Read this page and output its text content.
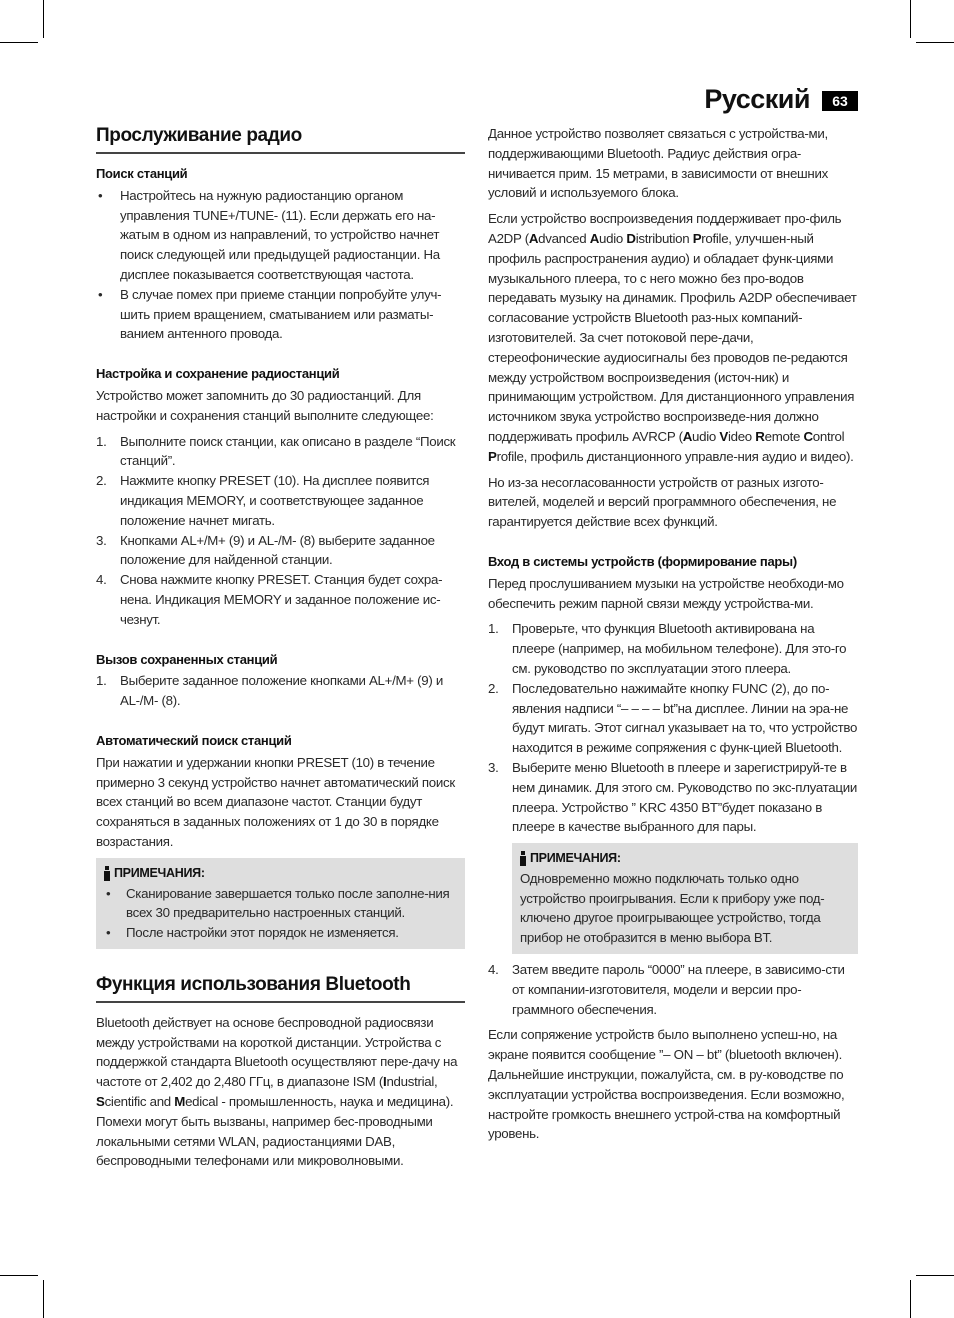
Русский	63
Прослуживание радио
Поиск станций
• Настройтесь на нужную радиостанцию органом управления TUNE+/TUNE- (11). Если держать его на-жатым в одном из направлений, то устройство начнет поиск следующей или предыдущей радиостанции. На дисплее показывается соответствующая частота.
• В случае помех при приеме станции попробуйте улуч-шить прием вращением, сматыванием или разматы-ванием антенного провода.
Настройка и сохранение радиостанций

Устройство может запомнить до 30 радиостанций. Для настройки и сохранения станций выполните следующее:

1. Выполните поиск станции, как описано в разделе “Поиск станций”.
2. Нажмите кнопку PRESET (10). На дисплее появится индикация MEMORY, и соответствующее заданное положение начнет мигать.
3. Кнопками AL+/M+ (9) и AL-/M- (8) выберите заданное положение для найденной станции.
4. Снова нажмите кнопку PRESET. Станция будет сохра-нена. Индикация MEMORY и заданное положение ис-чезнут.
Вызов сохраненных станций
1. Выберите заданное положение кнопками AL+/M+ (9) и AL-/M- (8).
Автоматический поиск станций

При нажатии и удержании кнопки PRESET (10) в течение примерно 3 секунд устройство начнет автоматический поиск всех станций во всем диапазоне частот. Станции будут сохраняться в заданных положениях от 1 до 30 в порядке возрастания.

ПРИМЕЧАНИЯ:
• Сканирование завершается только после заполне-ния всех 30 предварительно настроенных станций.
• После настройки этот порядок не изменяется.
Функция использования Bluetooth

Bluetooth действует на основе беспроводной радиосвязи между устройствами на короткой дистанции. Устройства с поддержкой стандарта Bluetooth осуществляют пере-дачу на частоте от 2,402 до 2,480 ГГц, в диапазоне ISM (Industrial, Scientific and Medical - промышленность, наука и медицина). Помехи могут быть вызваны, например бес-проводными локальными сетями WLAN, радиостанциями DAB, беспроводными телефонами или микроволновыми.

Данное устройство позволяет связаться с устройства-ми, поддерживающими Bluetooth. Радиус действия огра-ничивается прим. 15 метрами, в зависимости от внешних условий и используемого блока.

Если устройство воспроизведения поддерживает про-филь A2DP (Advanced Audio Distribution Profile, улучшен-ный профиль распространения аудио) и обладает функ-циями музыкального плеера, то с него можно без про-водов передавать музыку на динамик. Профиль A2DP обеспечивает согласование устройств Bluetooth раз-ных компаний-изготовителей. За счет потоковой пере-дачи, стереофонические аудиосигналы без проводов пе-редаются между устройством воспроизведения (источ-ник) и принимающим устройством. Для дистанционного управления источником звука устройство воспроизведе-ния должно поддерживать профиль AVRCP (Audio Video Remote Control Profile, профиль дистанционного управле-ния аудио и видео).

Но из-за несогласованности устройств от разных изгото-вителей, моделей и версий программного обеспечения, не гарантируется действие всех функций.

Вход в системы устройств (формирование пары)

Перед прослушиванием музыки на устройстве необходи-мо обеспечить режим парной связи между устройства-ми.

1. Проверьте, что функция Bluetooth активирована на плеере (например, на мобильном телефоне). Для это-го см. руководство по эксплуатации этого плеера.
2. Последовательно нажимайте кнопку FUNC (2), до по-явления надписи “– – – – bt”на дисплее. Линии на эра-не будут мигать. Этот сигнал указывает на то, что устройство находится в режиме сопряжения с функ-цией Bluetooth.
3. Выберите меню Bluetooth в плеере и зарегистрируй-те в нем динамик. Для этого см. Руководство по экс-плуатации плеера. Устройство ” KRC 4350 BT”будет показано в плеере в качестве выбранного для пары.
ПРИМЕЧАНИЯ:
Одновременно можно подключать только одно устройство проигрывания. Если к прибору уже под-ключено другое проигрывающее устройство, тогда прибор не отобразится в меню выбора BT.
4. Затем введите пароль “0000” на плеере, в зависимо-сти от компании-изготовителя, модели и версии про-граммного обеспечения.

Если сопряжение устройств было выполнено успеш-но, на экране появится сообщение ”– ON – bt” (bluetooth включен). Дальнейшие инструкции, пожалуйста, см. в ру-ководстве по эксплуатации устройства воспроизведения. Если возможно, настройте громкость внешнего устрой-ства на комфортный уровень.
